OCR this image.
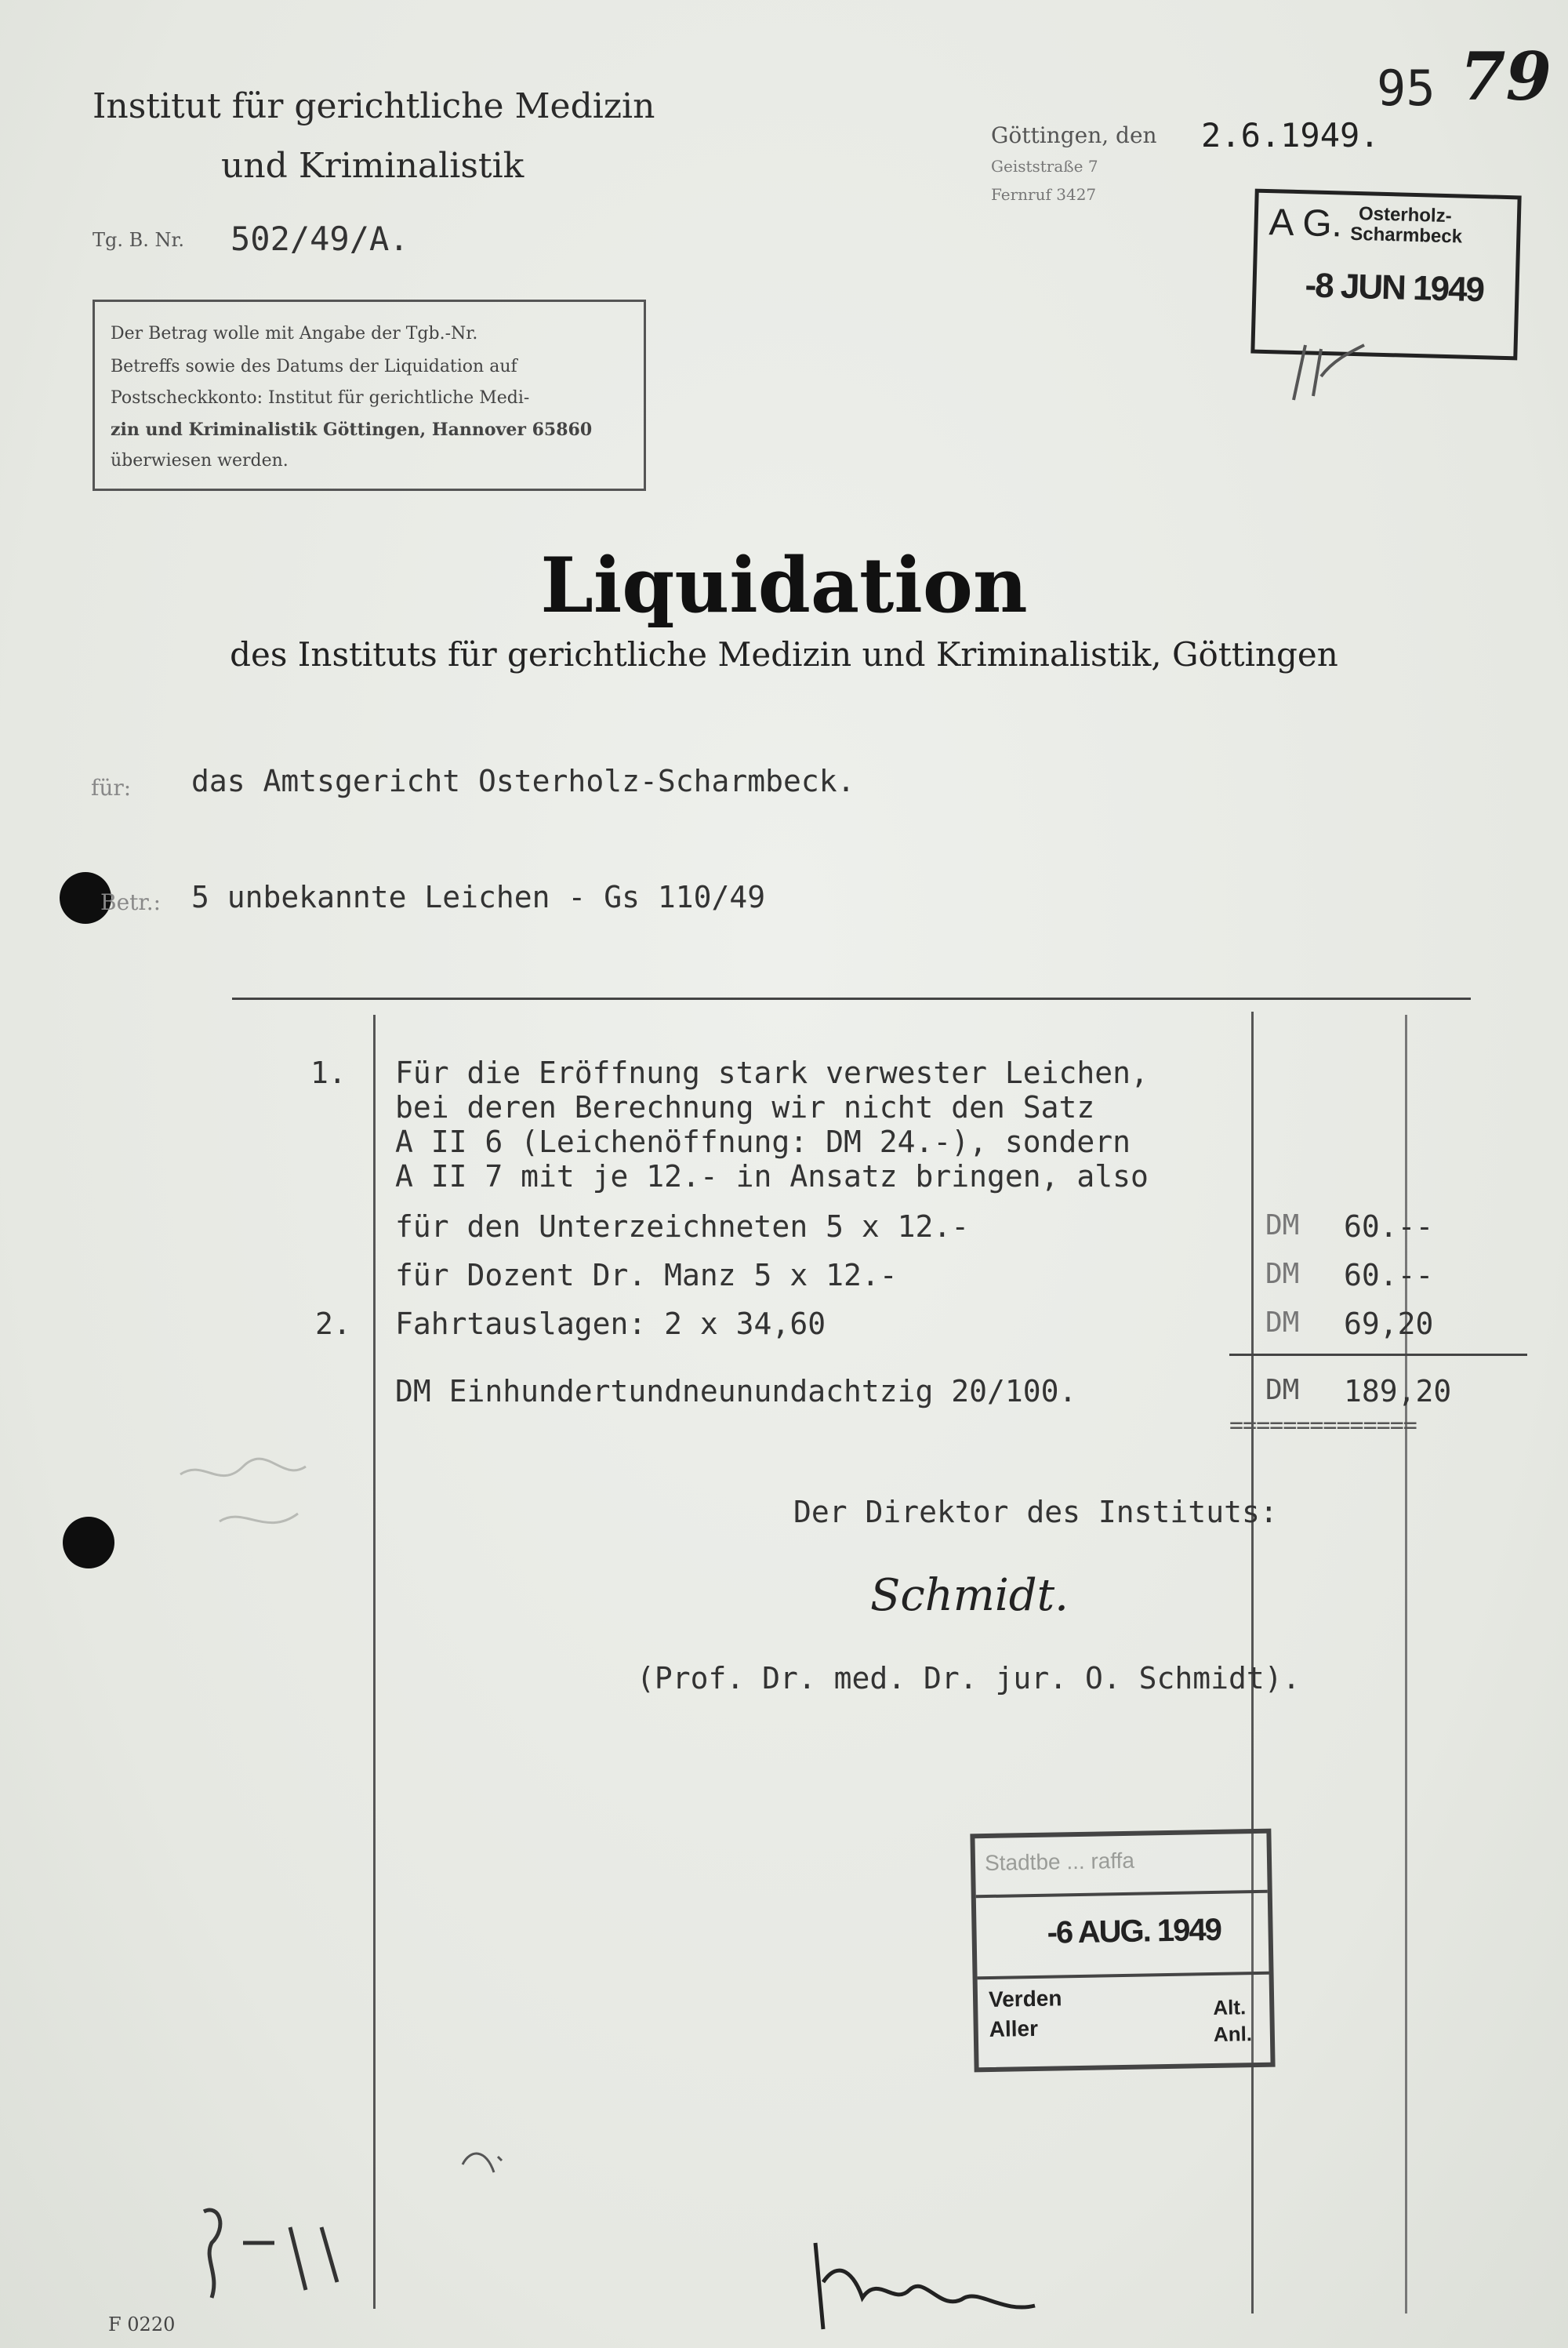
95 79
Institut für gerichtliche Medizin
und Kriminalistik
Tg. B. Nr. 502/49/A.
Göttingen, den 2.6.1949.
Geiststraße 7
Fernruf 3427
A G. Osterholz-
Scharmbeck
-8 JUN 1949
Der Betrag wolle mit Angabe der Tgb.-Nr.
Betreffs sowie des Datums der Liquidation auf
Postscheckkonto: Institut für gerichtliche Medi-
zin und Kriminalistik Göttingen, Hannover 65860
überwiesen werden.
Liquidation
des Instituts für gerichtliche Medizin und Kriminalistik, Göttingen
für: das Amtsgericht Osterholz-Scharmbeck.
Betr.: 5 unbekannte Leichen - Gs 110/49
1. Für die Eröffnung stark verwester Leichen,
bei deren Berechnung wir nicht den Satz
A II 6 (Leichenöffnung: DM 24.-), sondern
A II 7 mit je 12.- in Ansatz bringen, also
für den Unterzeichneten 5 x 12.-	DM 60.--
für Dozent Dr. Manz 5 x 12.-	DM 60.--
2. Fahrtauslagen: 2 x 34,60	DM 69,20
DM Einhundertundneunundachtzig 20/100.	DM 189,20
==============
Der Direktor des Instituts:
Schmidt.
(Prof. Dr. med. Dr. jur. O. Schmidt).
Stadtbe ... raffa
-6 AUG. 1949
Verden
Aller
Alt.
Anl.
F 0220
